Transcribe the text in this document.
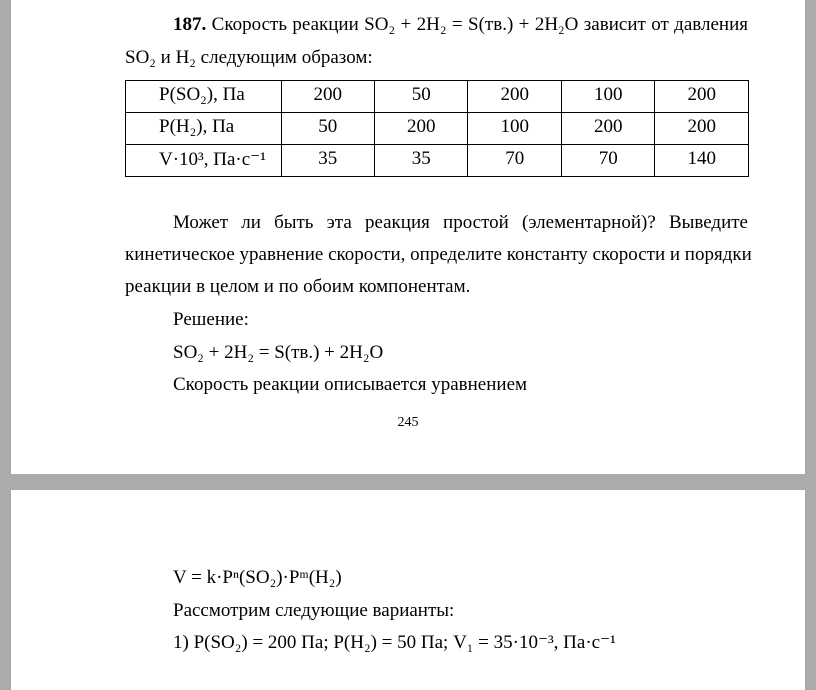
187. Скорость реакции SO₂ + 2H₂ = S(тв.) + 2H₂O зависит от давления
SO₂ и H₂ следующим образом:
P(SO₂), Па	200	50	200	100	200
P(H₂), Па	50	200	100	200	200
V·10³, Па·с⁻¹	35	35	70	70	140
Может ли быть эта реакция простой (элементарной)? Выведите
кинетическое уравнение скорости, определите константу скорости и порядки
реакции в целом и по обоим компонентам.
Решение:
SO₂ + 2H₂ = S(тв.) + 2H₂O
Скорость реакции описывается уравнением
245
V = k·Pⁿ(SO₂)·Pᵐ(H₂)
Рассмотрим следующие варианты:
1) P(SO₂) = 200 Па; P(H₂) = 50 Па; V₁ = 35·10⁻³, Па·с⁻¹
